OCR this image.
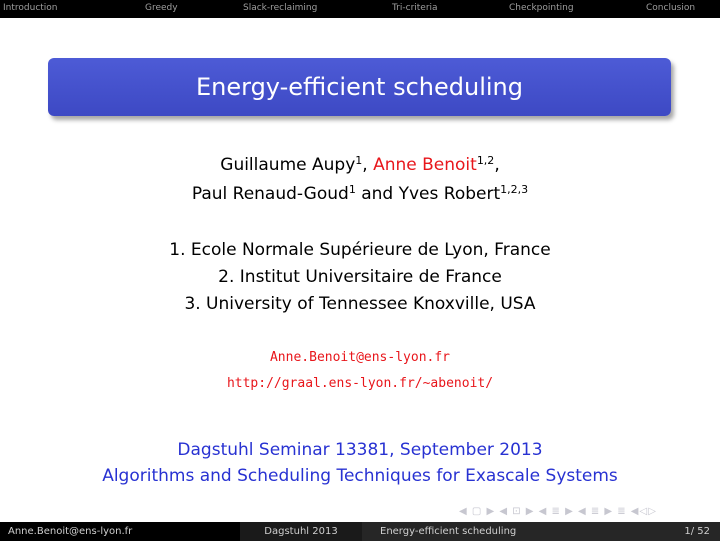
Introduction	Greedy	Slack-reclaiming	Tri-criteria	Checkpointing	Conclusion
Energy-efficient scheduling
Guillaume Aupy$^1$, Anne Benoit$^{1,2}$,
Paul Renaud-Goud$^1$ and Yves Robert$^{1,2,3}$
1. Ecole Normale Supérieure de Lyon, France
2. Institut Universitaire de France
3. University of Tennessee Knoxville, USA
Anne.Benoit@ens-lyon.fr
http://graal.ens-lyon.fr/~abenoit/
Dagstuhl Seminar 13381, September 2013
Algorithms and Scheduling Techniques for Exascale Systems
◀ ▢ ▶ ◀ ⊡ ▶ ◀ ≣ ▶ ◀ ≣ ▶ ≣ ◀◁▷
Anne.Benoit@ens-lyon.fr	Dagstuhl 2013	Energy-efficient scheduling	1/ 52
